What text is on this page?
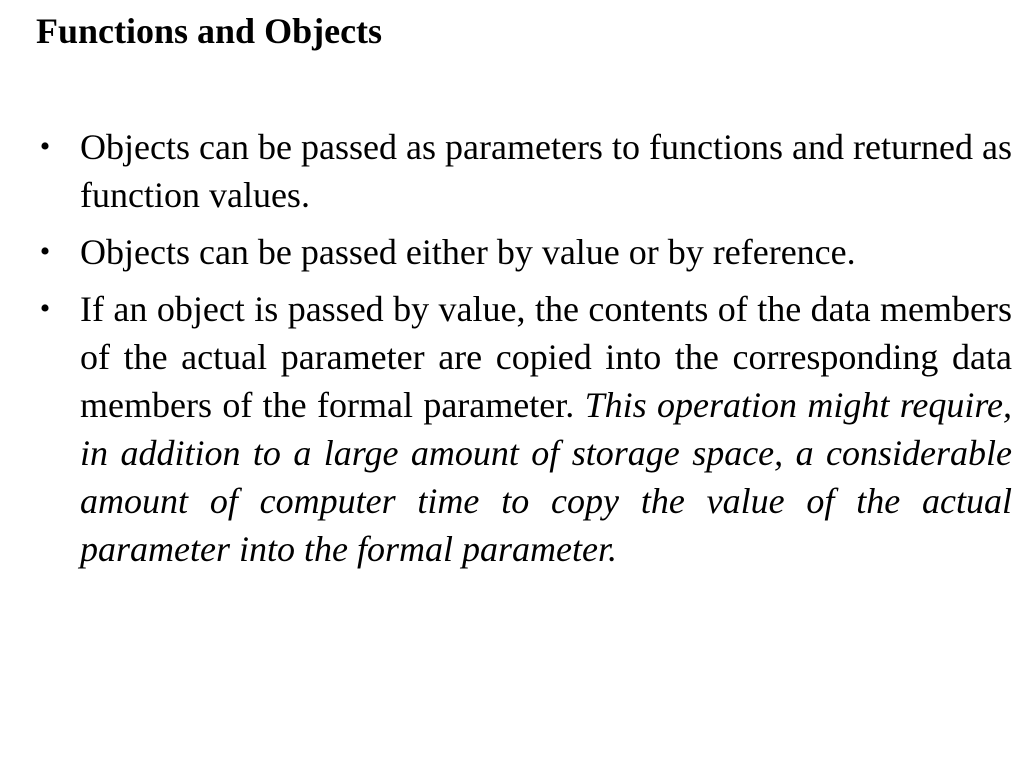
Functions and Objects
• Objects can be passed as parameters to functions and returned as function values.
• Objects can be passed either by value or by reference.
• If an object is passed by value, the contents of the data members of the actual parameter are copied into the corresponding data members of the formal parameter. This operation might require, in addition to a large amount of storage space, a considerable amount of computer time to copy the value of the actual parameter into the formal parameter.
